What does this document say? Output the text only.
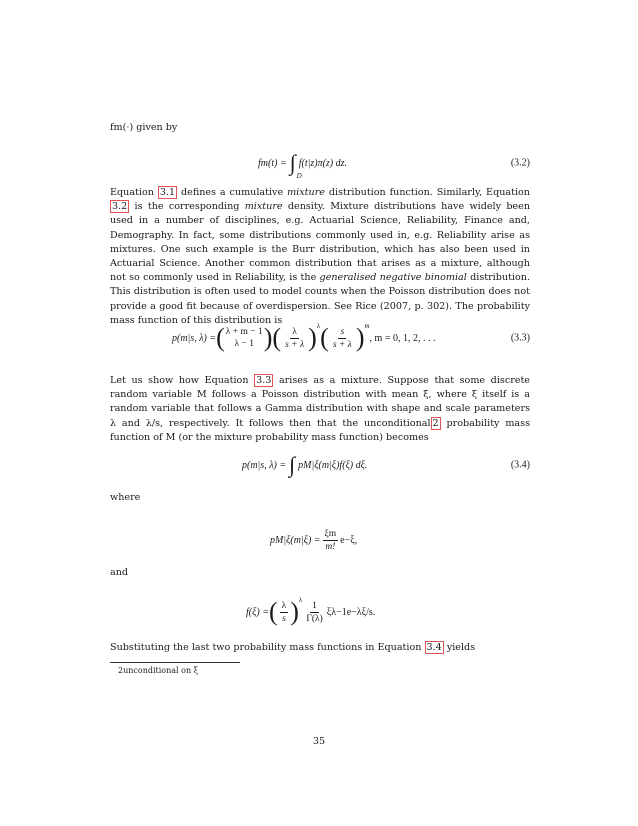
fm(·) given by
fm(t) = ∫
D
f(t|z)π(z) dz.	(3.2)

Equation 3.1 defines a cumulative mixture distribution function. Similarly, Equation 3.2 is the corresponding mixture density. Mixture distributions have widely been used in a number of disciplines, e.g. Actuarial Science, Reliability, Finance and, Demography. In fact, some distributions commonly used in, e.g. Reliability arise as mixtures. One such example is the Burr distribution, which has also been used in Actuarial Science. Another common distribution that arises as a mixture, although not so commonly used in Reliability, is the generalised negative binomial distribution. This distribution is often used to model counts when the Poisson distribution does not provide a good fit because of overdispersion. See Rice (2007, p. 302). The probability mass function of this distribution is

p(m|s, λ) = ( λ + m − 1
λ − 1 ) ( $\frac{\lambda}{s + \lambda} )^\lambda$ ( $\frac{s}{s + \lambda} )^m$
, m = 0, 1, 2, . . .	(3.3)

Let us show how Equation 3.3 arises as a mixture. Suppose that some discrete random variable M follows a Poisson distribution with mean ξ, where ξ itself is a random variable that follows a Gamma distribution with shape and scale parameters λ and λ/s, respectively. It follows then that the unconditional 2 probability mass function of M (or the mixture probability mass function) becomes

p(m|s, λ) = ∫ pM|ξ(m|ξ)f(ξ) dξ.	(3.4)
where
$pM|\xi(m|\xi) = \frac{\xi m}{m!} e-\xi$,
and
f(ξ) = ( $\frac{\lambda}{s} )^\lambda \frac{1}{\Gamma(\lambda)} \xi\lambda-1e-\lambda\xi/s$.

Substituting the last two probability mass functions in Equation 3.4 yields

2unconditional on ξ
35
